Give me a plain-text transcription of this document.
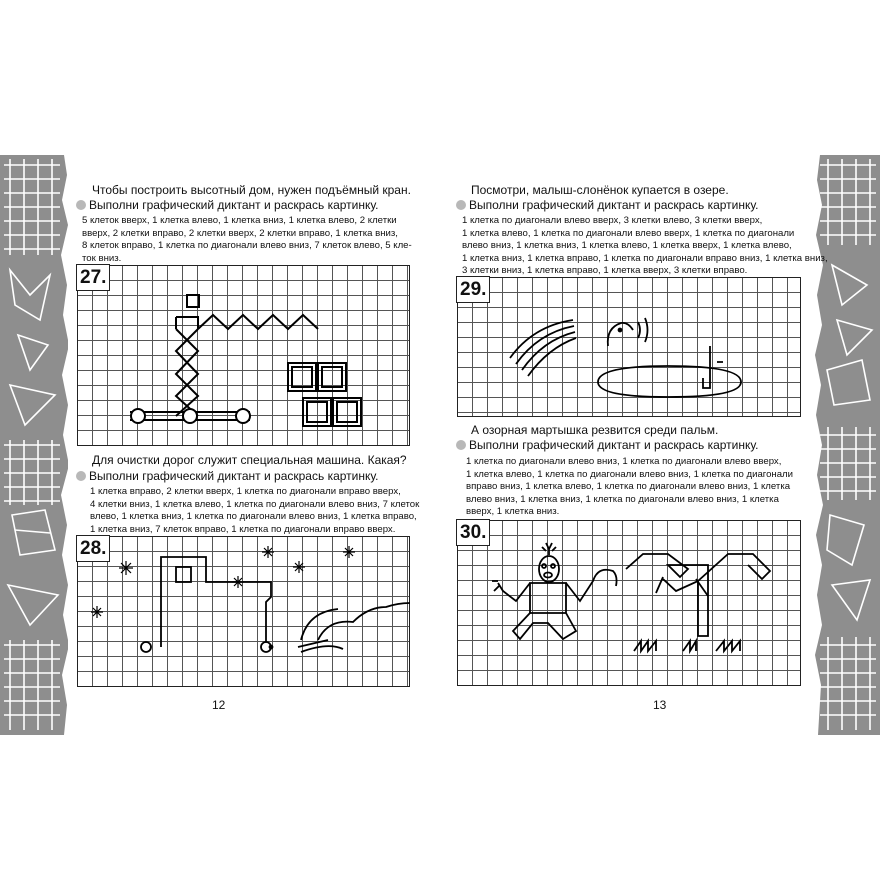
Чтобы построить высотный дом, нужен подъёмный кран.
Выполни графический диктант и раскрась картинку.
5 клеток вверх, 1 клетка влево, 1 клетка вниз, 1 клетка влево, 2 клетки
вверх, 2 клетки вправо, 2 клетки вверх, 2 клетки вправо, 1 клетка вниз,
8 клеток вправо, 1 клетка по диагонали влево вниз, 7 клеток влево, 5 кле-
ток вниз.
27.
Для очистки дорог служит специальная машина. Какая?
Выполни графический диктант и раскрась картинку.
1 клетка вправо, 2 клетки вверх, 1 клетка по диагонали вправо вверх,
4 клетки вниз, 1 клетка влево, 1 клетка по диагонали влево вниз, 7 клеток
влево, 1 клетка вниз, 1 клетка по диагонали влево вниз, 1 клетка вправо,
1 клетка вниз, 7 клеток вправо, 1 клетка по диагонали вправо вверх.
28.
12
Посмотри, малыш-слонёнок купается в озере.
Выполни графический диктант и раскрась картинку.
1 клетка по диагонали влево вверх, 3 клетки влево, 3 клетки вверх,
1 клетка влево, 1 клетка по диагонали влево вверх, 1 клетка по диагонали
влево вниз, 1 клетка вниз, 1 клетка влево, 1 клетка вверх, 1 клетка влево,
1 клетка вниз, 1 клетка вправо, 1 клетка по диагонали вправо вниз, 1 клетка вниз,
3 клетки вниз, 1 клетка вправо, 1 клетка вверх, 3 клетки вправо.
29.
А озорная мартышка резвится среди пальм.
Выполни графический диктант и раскрась картинку.
1 клетка по диагонали влево вниз, 1 клетка по диагонали влево вверх,
1 клетка влево, 1 клетка по диагонали влево вниз, 1 клетка по диагонали
вправо вниз, 1 клетка влево, 1 клетка по диагонали влево вниз, 1 клетка
влево вниз, 1 клетка вниз, 1 клетка по диагонали влево вниз, 1 клетка
вверх, 1 клетка вниз.
30.
13
